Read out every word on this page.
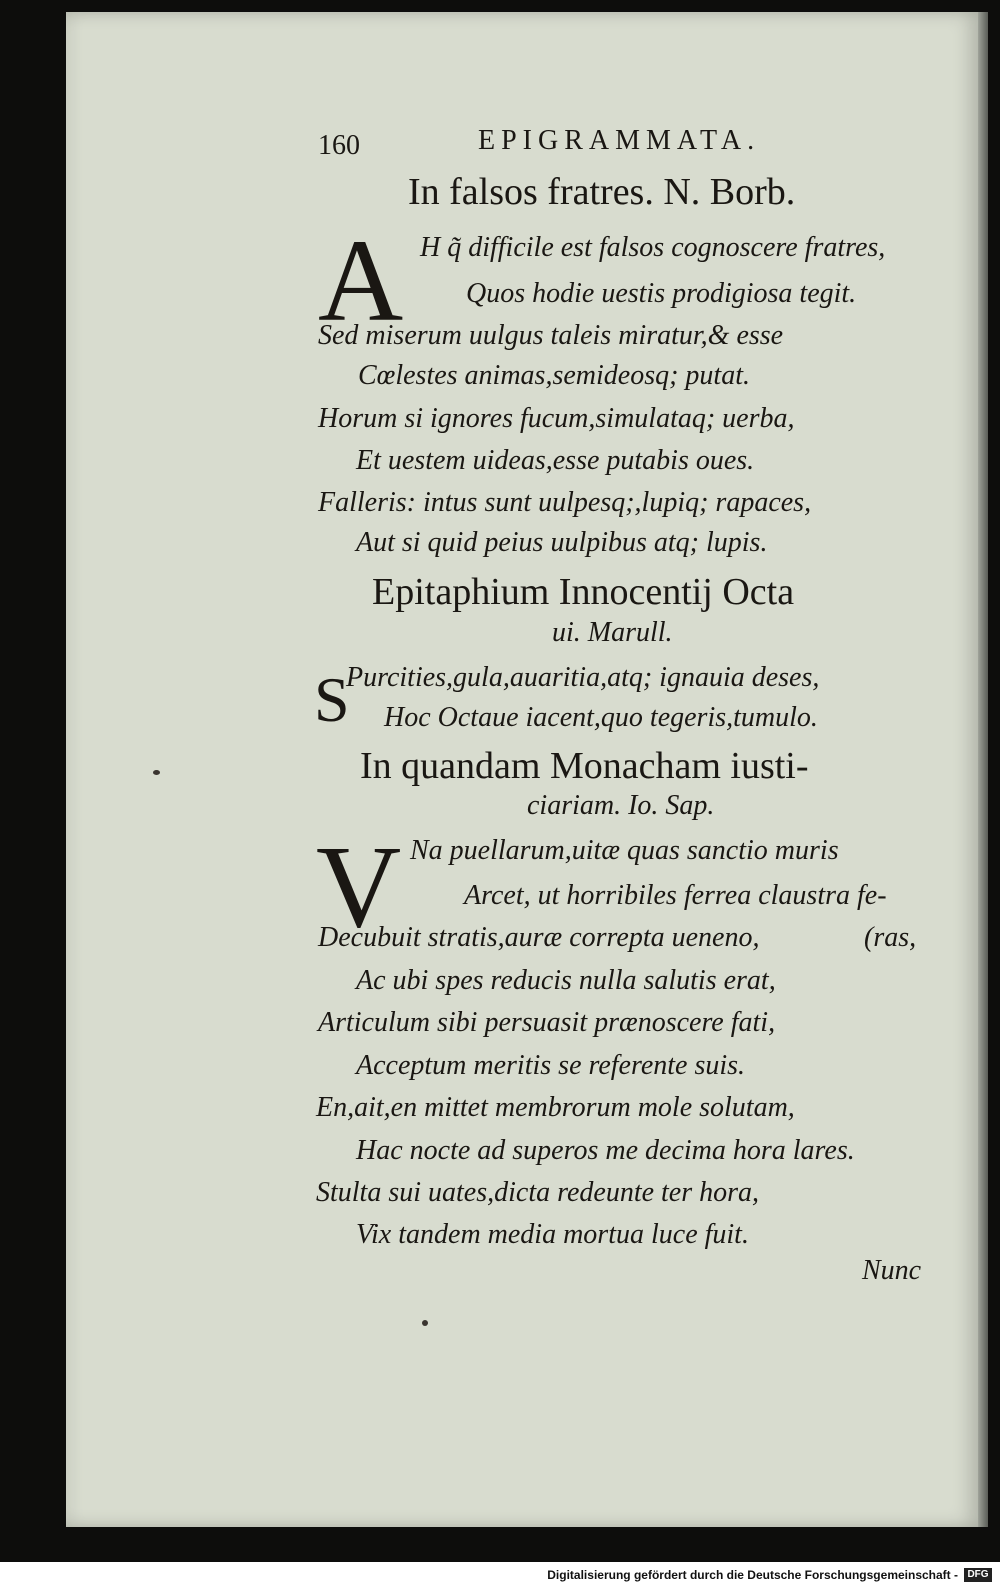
160	EPIGRAMMATA.
In falsos fratres. N. Borb.
A H q̃ difficile est falsos cognoscere fratres,
Quos hodie uestis prodigiosa tegit.
Sed miserum uulgus taleis miratur,& esse
Cœlestes animas,semideosq; putat.
Horum si ignores fucum,simulataq; uerba,
Et uestem uideas,esse putabis oues.
Falleris: intus sunt uulpesq;,lupiq; rapaces,
Aut si quid peius uulpibus atq; lupis.
Epitaphium Innocentij Octa
ui. Marull.
S
Purcities,gula,auaritia,atq; ignauia deses,
Hoc Octaue iacent,quo tegeris,tumulo.
In quandam Monacham iusti-
ciariam. Io. Sap.
V Na puellarum,uitæ quas sanctio muris
Arcet, ut horribiles ferrea claustra fe-
Decubuit stratis,auræ correpta ueneno,	(ras,
Ac ubi spes reducis nulla salutis erat,
Articulum sibi persuasit prænoscere fati,
Acceptum meritis se referente suis.
En,ait,en mittet membrorum mole solutam,
Hac nocte ad superos me decima hora lares.
Stulta sui uates,dicta redeunte ter hora,
Vix tandem media mortua luce fuit.
Nunc
Digitalisierung gefördert durch die Deutsche Forschungsgemeinschaft - DFG
